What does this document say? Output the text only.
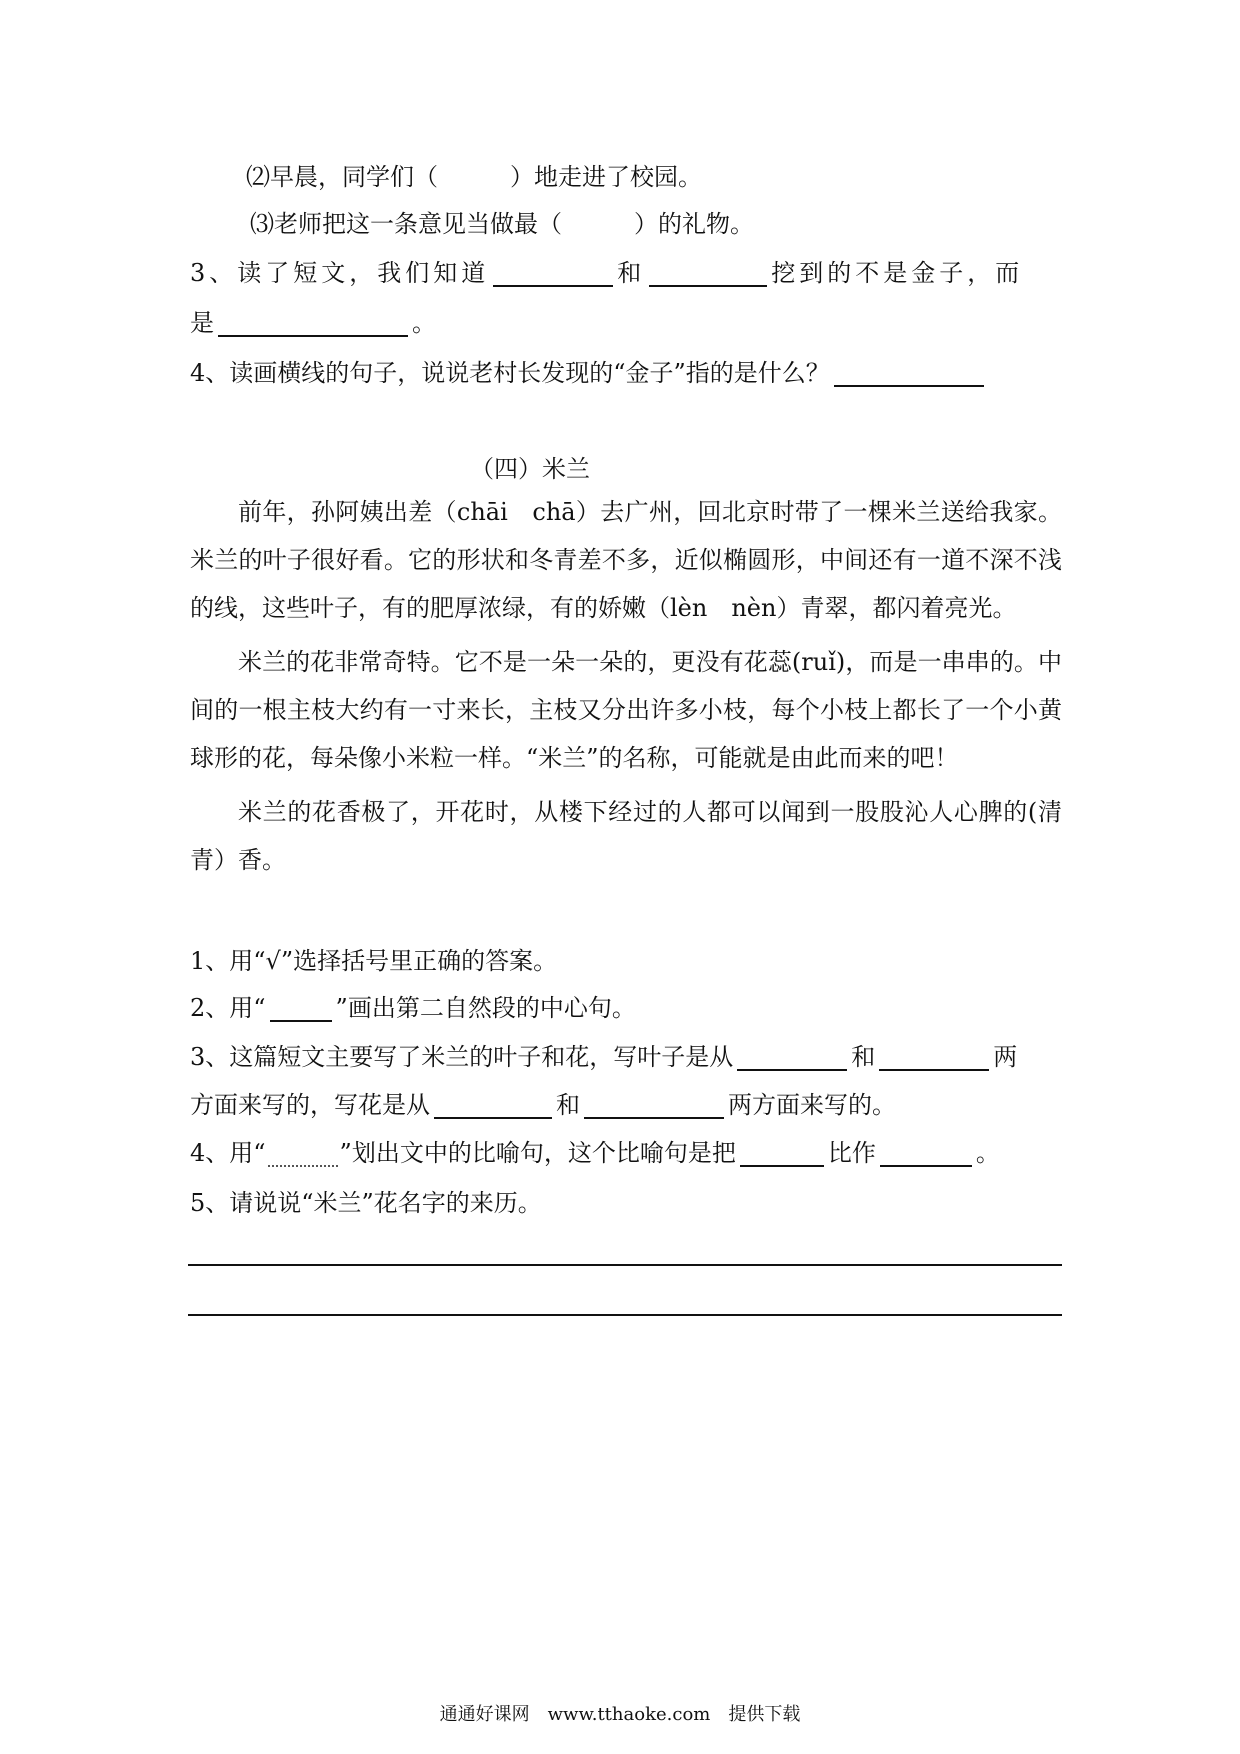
⑵早晨，同学们（　　　）地走进了校园。
⑶老师把这一条意见当做最（　　　）的礼物。
3、读了短文，我们知道	和	挖到的不是金子，而
是	。
4、读画横线的句子，说说老村长发现的“金子”指的是什么？
（四）米兰
前年，孙阿姨出差（chāi　chā）去广州，回北京时带了一棵米兰送给我家。米兰的叶子很好看。它的形状和冬青差不多，近似椭圆形，中间还有一道不深不浅的线，这些叶子，有的肥厚浓绿，有的娇嫩（lèn　nèn）青翠，都闪着亮光。
米兰的花非常奇特。它不是一朵一朵的，更没有花蕊(ruǐ)，而是一串串的。中间的一根主枝大约有一寸来长，主枝又分出许多小枝，每个小枝上都长了一个小黄球形的花，每朵像小米粒一样。“米兰”的名称，可能就是由此而来的吧！
米兰的花香极了，开花时，从楼下经过的人都可以闻到一股股沁人心脾的(清青）香。
1、用“√”选择括号里正确的答案。
2、用“	”画出第二自然段的中心句。
3、这篇短文主要写了米兰的叶子和花，写叶子是从	和	两
方面来写的，写花是从	和	两方面来写的。
4、用“	”划出文中的比喻句，这个比喻句是把	比作	。
5、请说说“米兰”花名字的来历。
通通好课网　www.tthaoke.com　提供下载
